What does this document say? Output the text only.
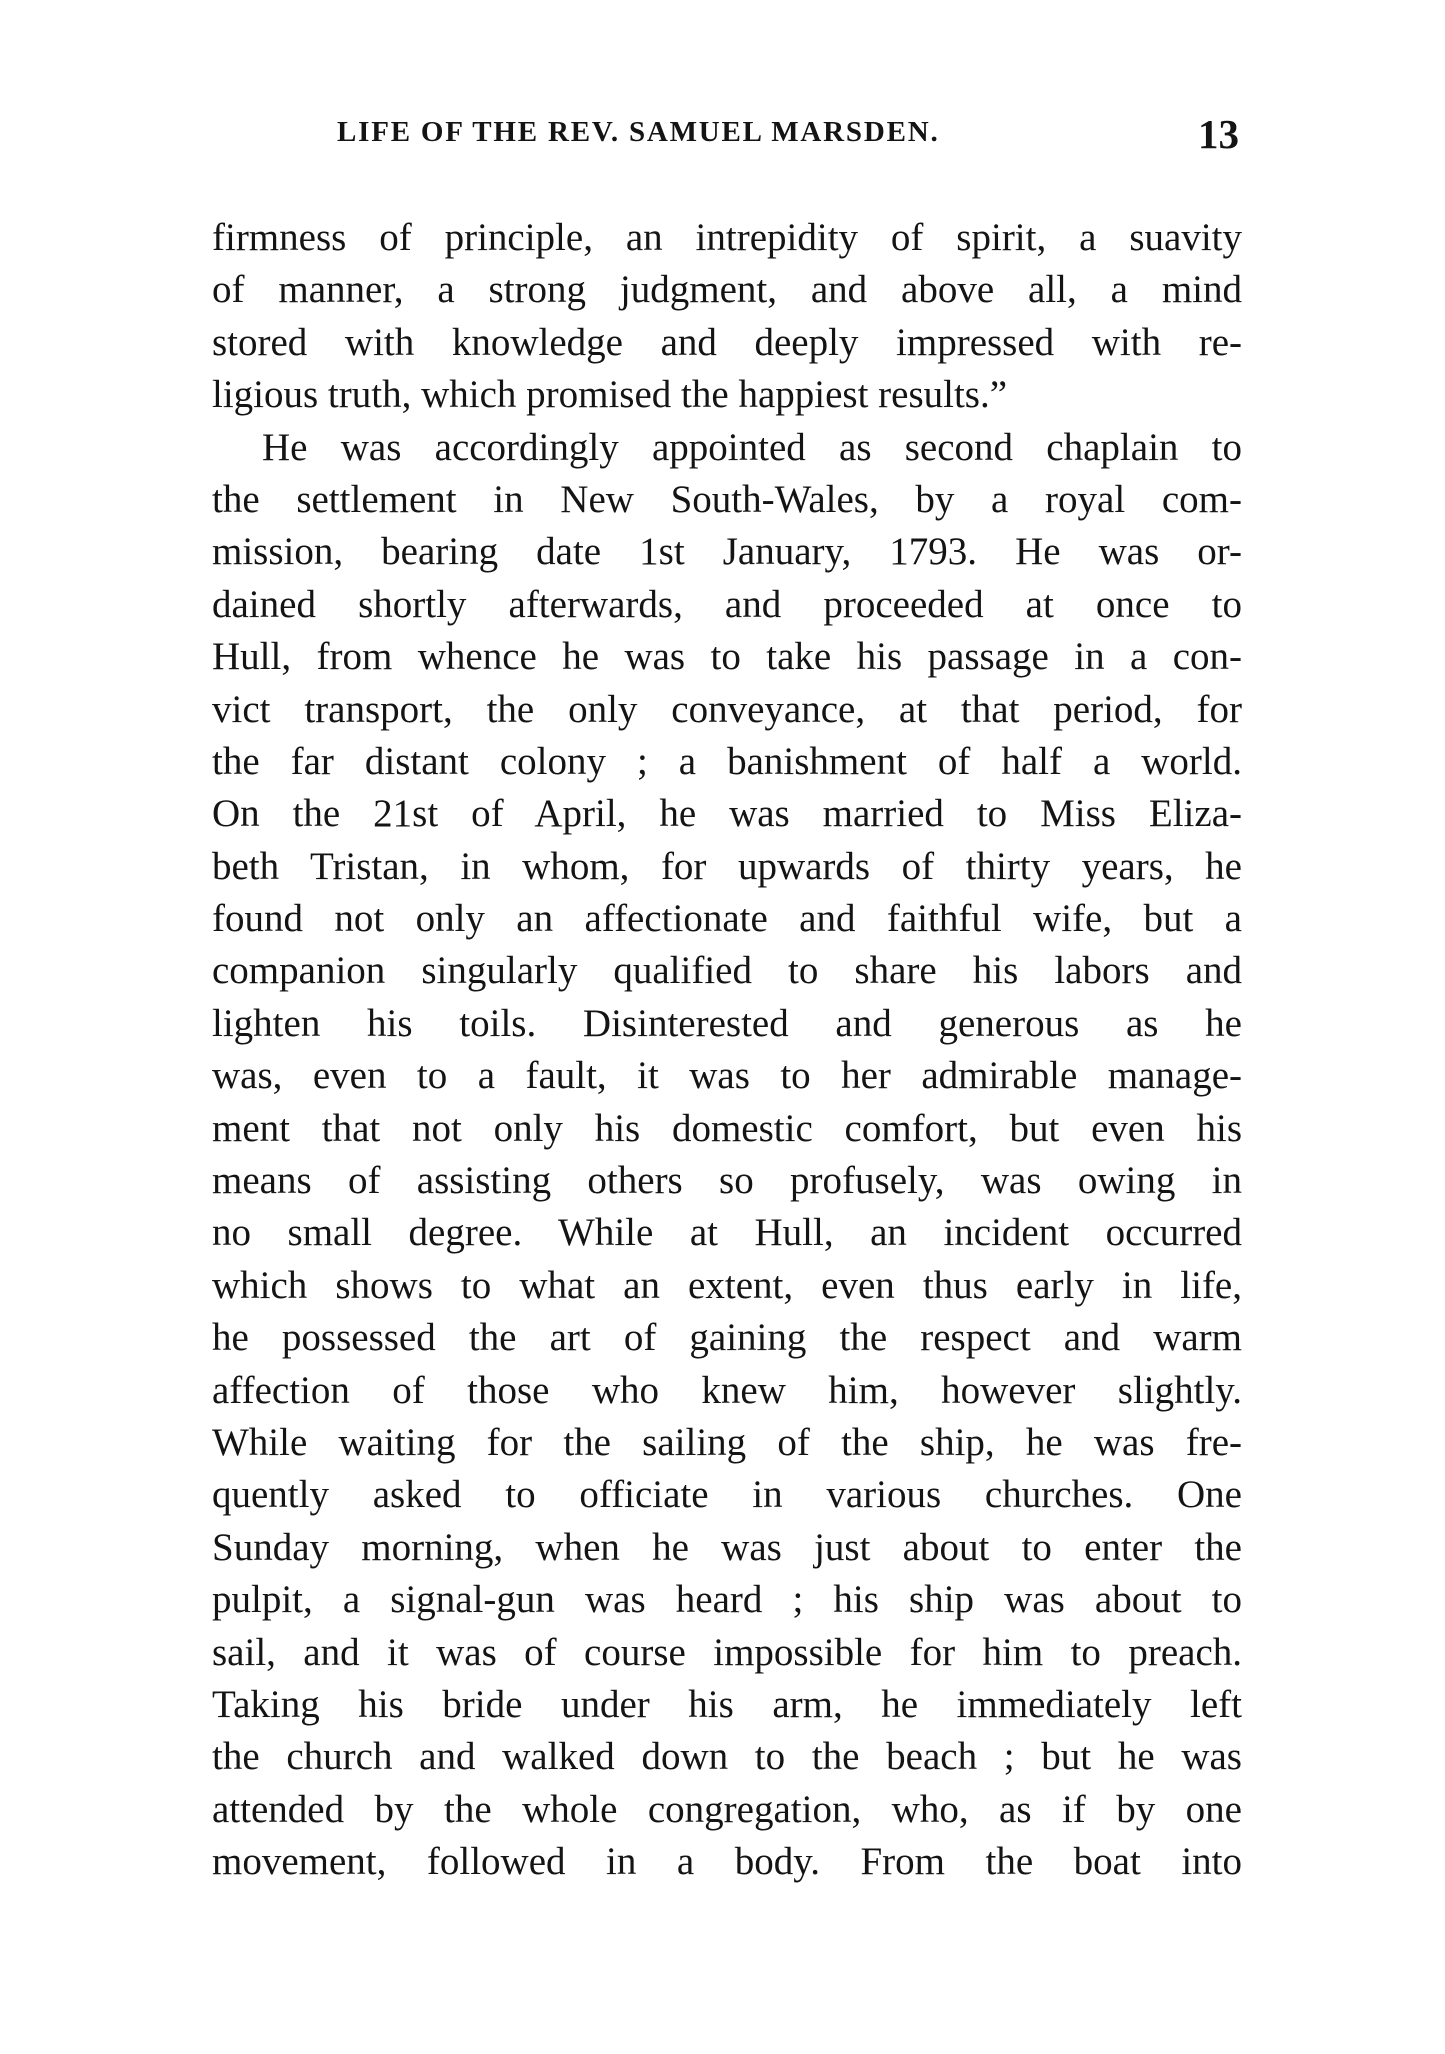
LIFE OF THE REV. SAMUEL MARSDEN.	13
firmness of principle, an intrepidity of spirit, a suavity
of manner, a strong judgment, and above all, a mind
stored with knowledge and deeply impressed with re-
ligious truth, which promised the happiest results.”
He was accordingly appointed as second chaplain to
the settlement in New South-Wales, by a royal com-
mission, bearing date 1st January, 1793. He was or-
dained shortly afterwards, and proceeded at once to
Hull, from whence he was to take his passage in a con-
vict transport, the only conveyance, at that period, for
the far distant colony ; a banishment of half a world.
On the 21st of April, he was married to Miss Eliza-
beth Tristan, in whom, for upwards of thirty years, he
found not only an affectionate and faithful wife, but a
companion singularly qualified to share his labors and
lighten his toils. Disinterested and generous as he
was, even to a fault, it was to her admirable manage-
ment that not only his domestic comfort, but even his
means of assisting others so profusely, was owing in
no small degree. While at Hull, an incident occurred
which shows to what an extent, even thus early in life,
he possessed the art of gaining the respect and warm
affection of those who knew him, however slightly.
While waiting for the sailing of the ship, he was fre-
quently asked to officiate in various churches. One
Sunday morning, when he was just about to enter the
pulpit, a signal-gun was heard ; his ship was about to
sail, and it was of course impossible for him to preach.
Taking his bride under his arm, he immediately left
the church and walked down to the beach ; but he was
attended by the whole congregation, who, as if by one
movement, followed in a body. From the boat into
